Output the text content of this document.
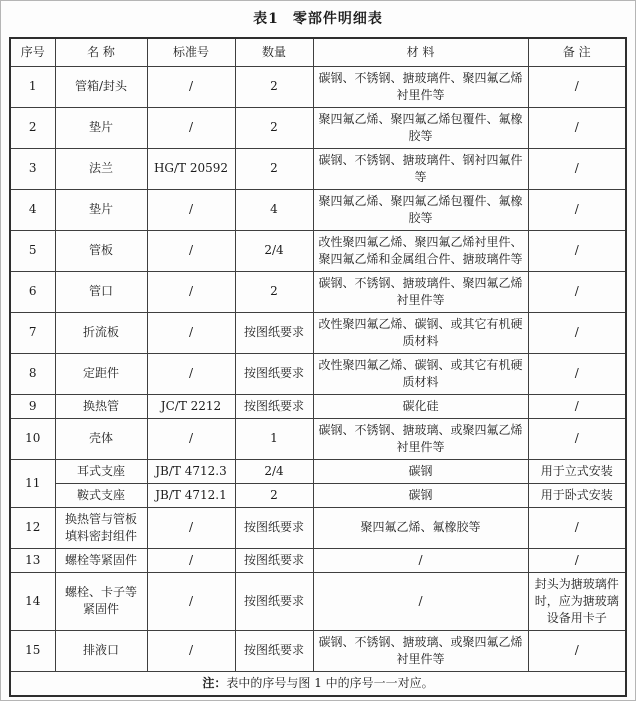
表1 零部件明细表
序号	名 称	标准号	数量	材 料	备 注
1	管箱/封头	/	2	碳钢、不锈钢、搪玻璃件、聚四氟乙烯衬里件等	/
2	垫片	/	2	聚四氟乙烯、聚四氟乙烯包覆件、氟橡胶等	/
3	法兰	HG/T 20592	2	碳钢、不锈钢、搪玻璃件、钢衬四氟件等	/
4	垫片	/	4	聚四氟乙烯、聚四氟乙烯包覆件、氟橡胶等	/
5	管板	/	2/4	改性聚四氟乙烯、聚四氟乙烯衬里件、聚四氟乙烯和金属组合件、搪玻璃件等	/
6	管口	/	2	碳钢、不锈钢、搪玻璃件、聚四氟乙烯衬里件等	/
7	折流板	/	按图纸要求	改性聚四氟乙烯、碳钢、或其它有机硬质材料	/
8	定距件	/	按图纸要求	改性聚四氟乙烯、碳钢、或其它有机硬质材料	/
9	换热管	JC/T 2212	按图纸要求	碳化硅	/
10	壳体	/	1	碳钢、不锈钢、搪玻璃、或聚四氟乙烯衬里件等	/
11	耳式支座	JB/T 4712.3	2/4	碳钢	用于立式安装
	鞍式支座	JB/T 4712.1	2	碳钢	用于卧式安装
12	换热管与管板填料密封组件	/	按图纸要求	聚四氟乙烯、氟橡胶等	/
13	螺栓等紧固件	/	按图纸要求	/	/
14	螺栓、卡子等紧固件	/	按图纸要求	/	封头为搪玻璃件时，应为搪玻璃设备用卡子
15	排液口	/	按图纸要求	碳钢、不锈钢、搪玻璃、或聚四氟乙烯衬里件等	/
注：表中的序号与图 1 中的序号一一对应。					
